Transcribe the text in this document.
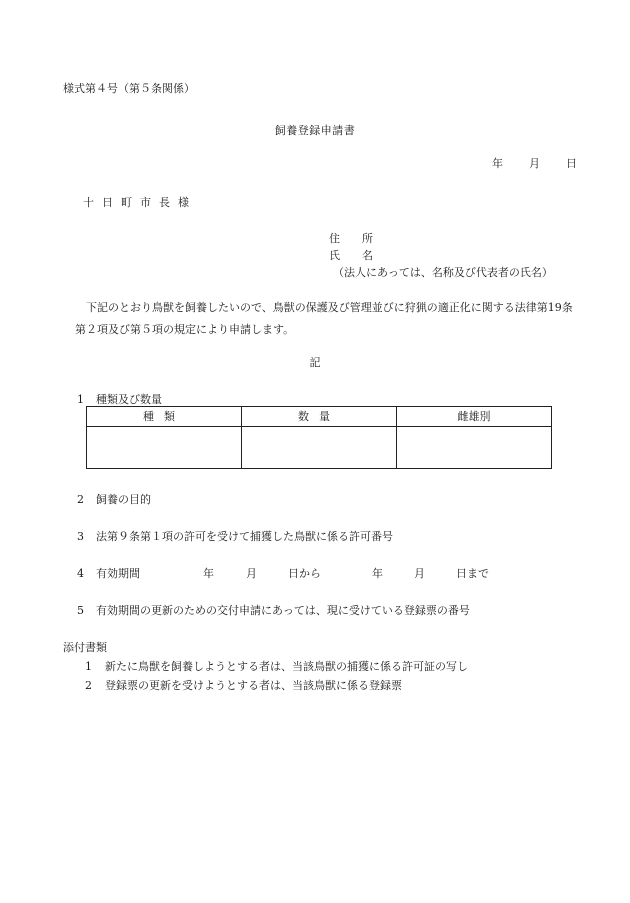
様式第４号（第５条関係）
飼養登録申請書
年 月 日
十日町市長様
住　　所
氏　　名
（法人にあっては、名称及び代表者の氏名）
下記のとおり鳥獣を飼養したいので、鳥獣の保護及び管理並びに狩猟の適正化に関する法律第19条第２項及び第５項の規定により申請します。
記
1 種類及び数量
種類	数量	雌雄別

2 飼養の目的
3 法第９条第１項の許可を受けて捕獲した鳥獣に係る許可番号
4 有効期間	年	月	日から	年	月	日まで
5 有効期間の更新のための交付申請にあっては、現に受けている登録票の番号
添付書類
1 新たに鳥獣を飼養しようとする者は、当該鳥獣の捕獲に係る許可証の写し
2 登録票の更新を受けようとする者は、当該鳥獣に係る登録票
